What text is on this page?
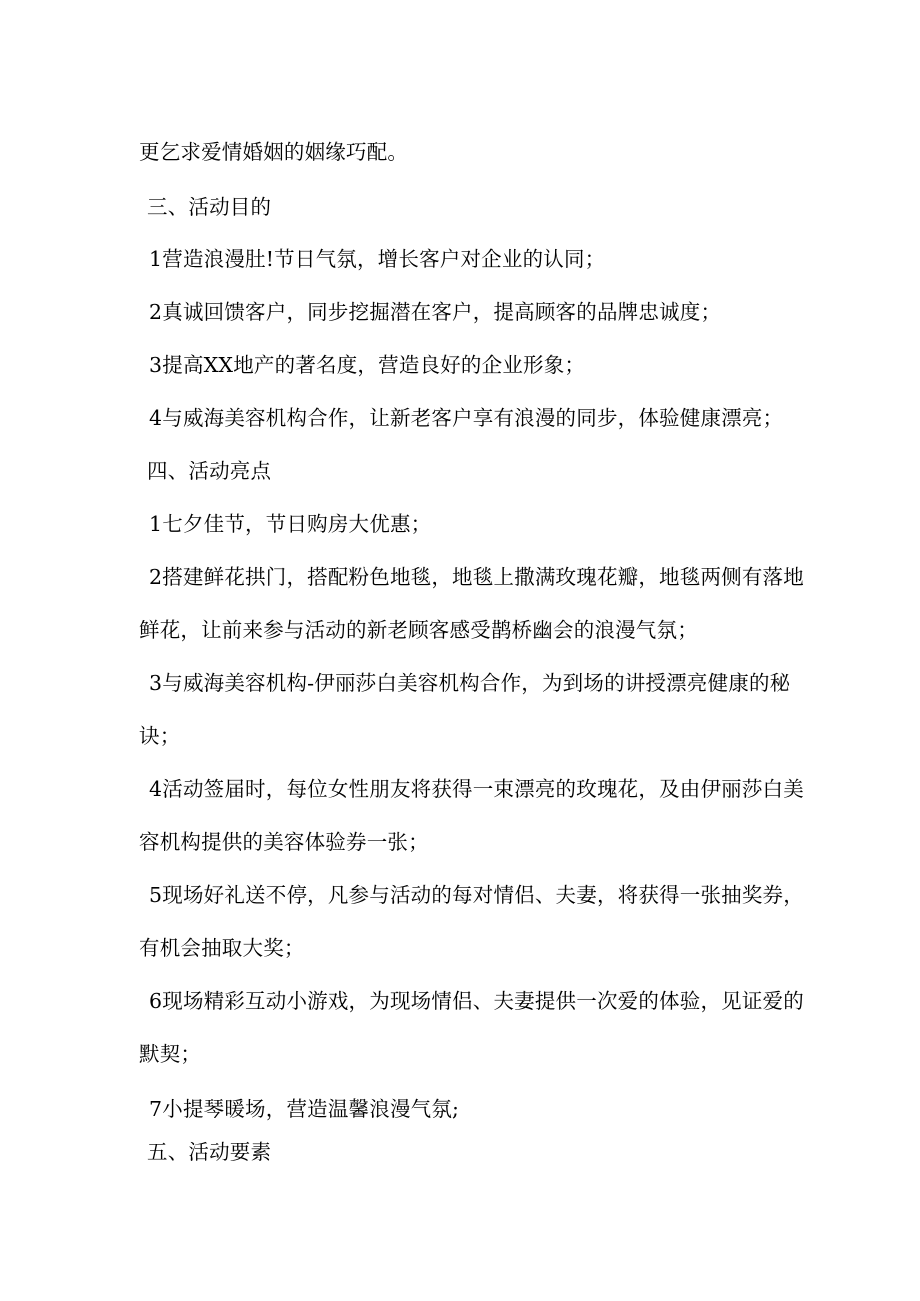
更乞求爱情婚姻的姻缘巧配。
三、活动目的
1营造浪漫肚!节日气氛，增长客户对企业的认同；
2真诚回馈客户，同步挖掘潜在客户，提高顾客的品牌忠诚度；
3提高XX地产的著名度，营造良好的企业形象；
4与威海美容机构合作，让新老客户享有浪漫的同步，体验健康漂亮；
四、活动亮点
1七夕佳节，节日购房大优惠；
2搭建鲜花拱门，搭配粉色地毯，地毯上撒满玫瑰花瓣，地毯两侧有落地
鲜花，让前来参与活动的新老顾客感受鹊桥幽会的浪漫气氛；
3与威海美容机构-伊丽莎白美容机构合作，为到场的讲授漂亮健康的秘
诀；
4活动签届时，每位女性朋友将获得一束漂亮的玫瑰花，及由伊丽莎白美
容机构提供的美容体验券一张；
5现场好礼送不停，凡参与活动的每对情侣、夫妻，将获得一张抽奖券，
有机会抽取大奖；
6现场精彩互动小游戏，为现场情侣、夫妻提供一次爱的体验，见证爱的
默契；
7小提琴暖场，营造温馨浪漫气氛;
五、活动要素
